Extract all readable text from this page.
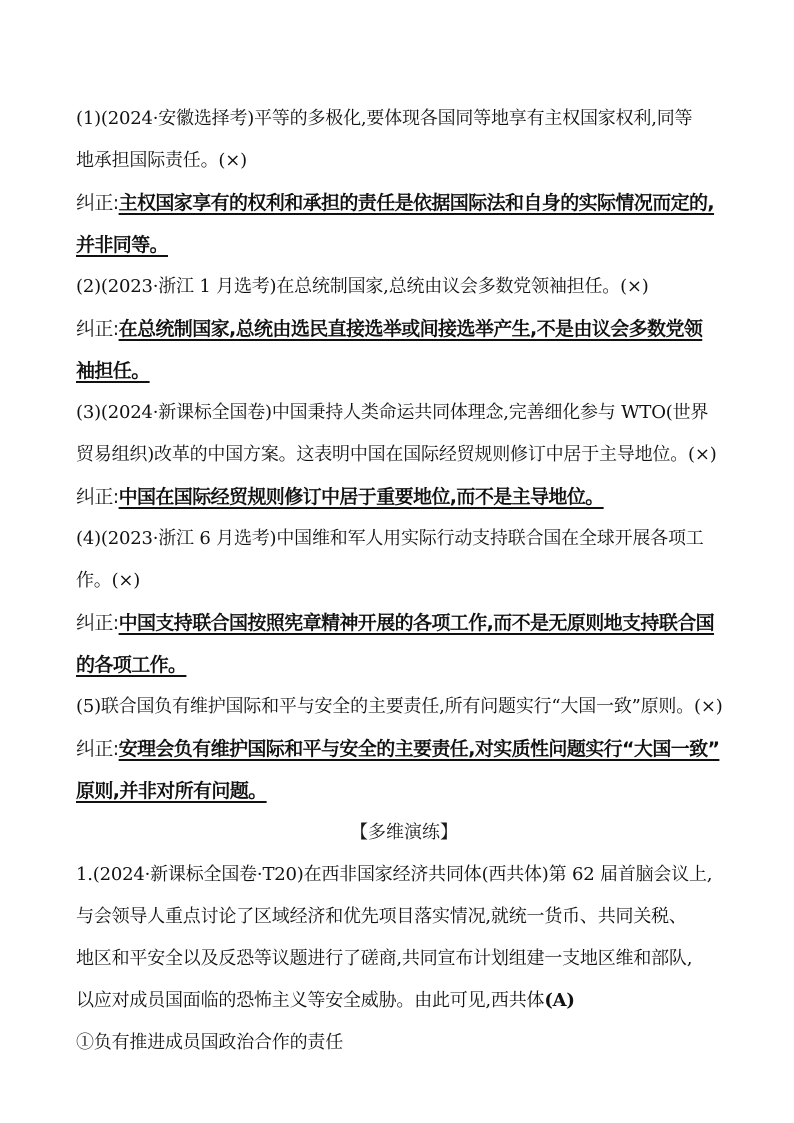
(1)(2024·安徽选择考)平等的多极化,要体现各国同等地享有主权国家权利,同等
地承担国际责任。(×)
纠正:主权国家享有的权利和承担的责任是依据国际法和自身的实际情况而定的,
并非同等。
(2)(2023·浙江 1 月选考)在总统制国家,总统由议会多数党领袖担任。(×)
纠正:在总统制国家,总统由选民直接选举或间接选举产生,不是由议会多数党领
袖担任。
(3)(2024·新课标全国卷)中国秉持人类命运共同体理念,完善细化参与 WTO(世界
贸易组织)改革的中国方案。这表明中国在国际经贸规则修订中居于主导地位。(×)
纠正:中国在国际经贸规则修订中居于重要地位,而不是主导地位。
(4)(2023·浙江 6 月选考)中国维和军人用实际行动支持联合国在全球开展各项工
作。(×)
纠正:中国支持联合国按照宪章精神开展的各项工作,而不是无原则地支持联合国
的各项工作。
(5)联合国负有维护国际和平与安全的主要责任,所有问题实行“大国一致”原则。(×)
纠正:安理会负有维护国际和平与安全的主要责任,对实质性问题实行“大国一致”
原则,并非对所有问题。
【多维演练】
1.(2024·新课标全国卷·T20)在西非国家经济共同体(西共体)第 62 届首脑会议上,
与会领导人重点讨论了区域经济和优先项目落实情况,就统一货币、共同关税、
地区和平安全以及反恐等议题进行了磋商,共同宣布计划组建一支地区维和部队,
以应对成员国面临的恐怖主义等安全威胁。由此可见,西共体(A)
①负有推进成员国政治合作的责任
